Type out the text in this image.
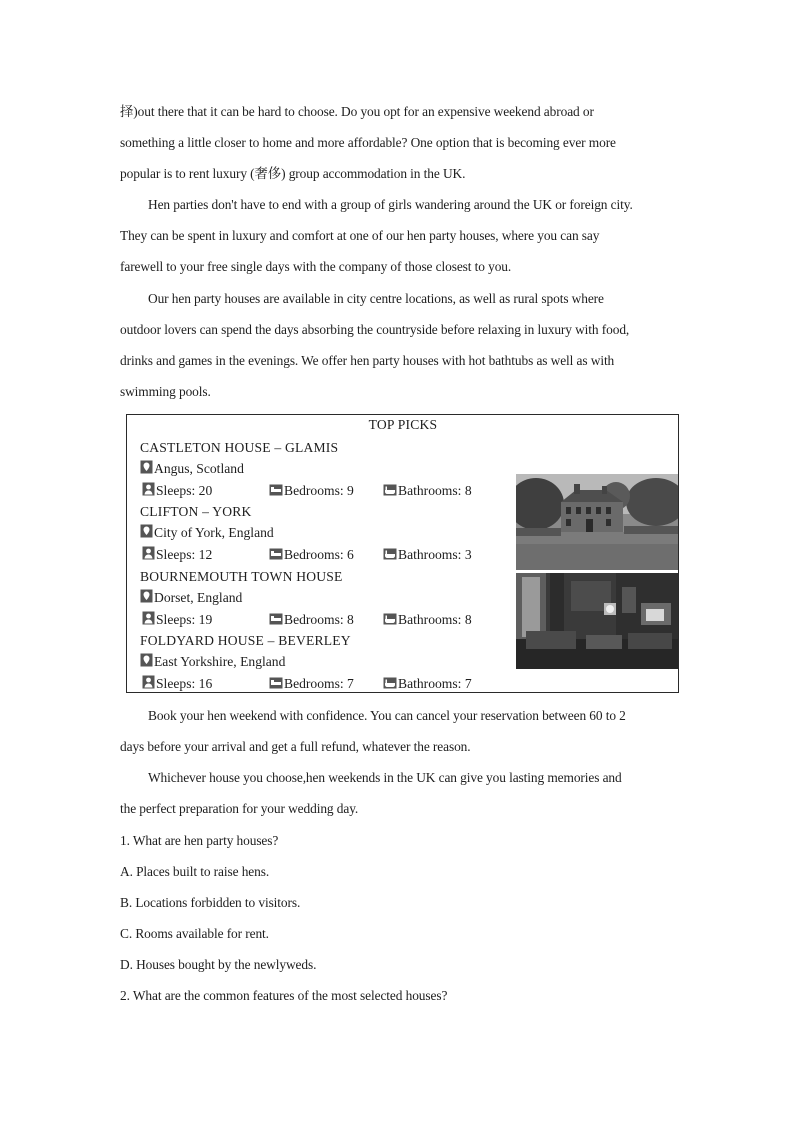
择)out there that it can be hard to choose. Do you opt for an expensive weekend abroad or
something a little closer to home and more affordable? One option that is becoming ever more
popular is to rent luxury (奢侈) group accommodation in the UK.
Hen parties don't have to end with a group of girls wandering around the UK or foreign city.
They can be spent in luxury and comfort at one of our hen party houses, where you can say
farewell to your free single days with the company of those closest to you.
Our hen party houses are available in city centre locations, as well as rural spots where
outdoor lovers can spend the days absorbing the countryside before relaxing in luxury with food,
drinks and games in the evenings. We offer hen party houses with hot bathtubs as well as with
swimming pools.
TOP PICKS
CASTLETON HOUSE – GLAMIS
Angus, Scotland
Sleeps: 20	Bedrooms: 9	Bathrooms: 8
CLIFTON – YORK
City of York, England
Sleeps: 12	Bedrooms: 6	Bathrooms: 3
BOURNEMOUTH TOWN HOUSE
Dorset, England
Sleeps: 19	Bedrooms: 8	Bathrooms: 8
FOLDYARD HOUSE – BEVERLEY
East Yorkshire, England
Sleeps: 16	Bedrooms: 7	Bathrooms: 7
Book your hen weekend with confidence. You can cancel your reservation between 60 to 2
days before your arrival and get a full refund, whatever the reason.
Whichever house you choose,hen weekends in the UK can give you lasting memories and
the perfect preparation for your wedding day.
1. What are hen party houses?
A. Places built to raise hens.
B. Locations forbidden to visitors.
C. Rooms available for rent.
D. Houses bought by the newlyweds.
2. What are the common features of the most selected houses?
